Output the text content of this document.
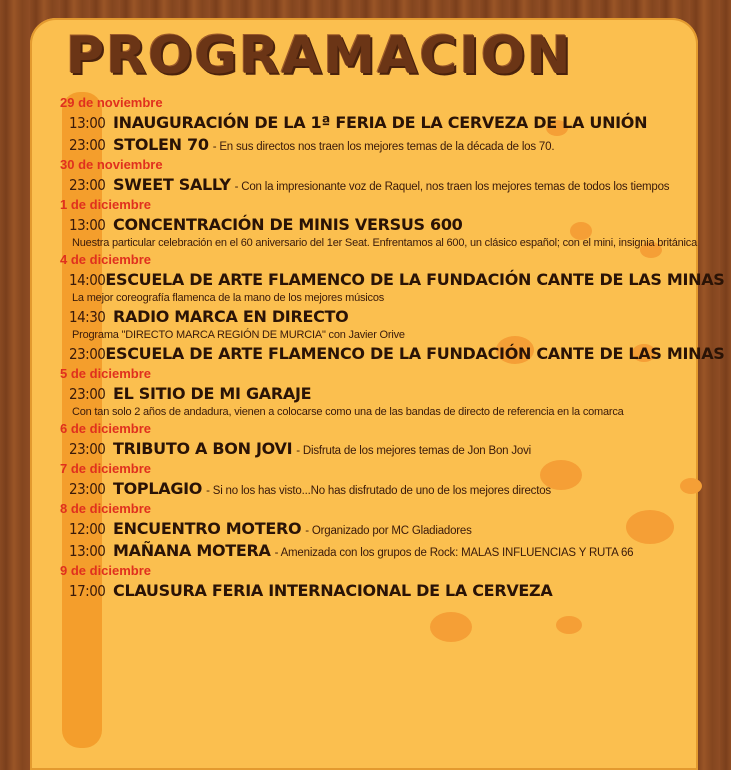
PROGRAMACION
29 de noviembre
13:00 INAUGURACIÓN DE LA 1ª FERIA DE LA CERVEZA DE LA UNIÓN
23:00 STOLEN 70 - En sus directos nos traen los mejores temas de la década de los 70.
30 de noviembre
23:00 SWEET SALLY - Con la impresionante voz de Raquel, nos traen los mejores temas de todos los tiempos
1 de diciembre
13:00 CONCENTRACIÓN DE MINIS VERSUS 600
Nuestra particular celebración en el 60 aniversario del 1er Seat. Enfrentamos al 600, un clásico español; con el mini, insignia británica
4 de diciembre
14:00 ESCUELA DE ARTE FLAMENCO DE LA FUNDACIÓN CANTE DE LAS MINAS
La mejor coreografía flamenca de la mano de los mejores músicos
14:30 RADIO MARCA EN DIRECTO
Programa "DIRECTO MARCA REGIÓN DE MURCIA" con Javier Orive
23:00 ESCUELA DE ARTE FLAMENCO DE LA FUNDACIÓN CANTE DE LAS MINAS
5 de diciembre
23:00 EL SITIO DE MI GARAJE
Con tan solo 2 años de andadura, vienen a colocarse como una de las bandas de directo de referencia en la comarca
6 de diciembre
23:00 TRIBUTO A BON JOVI - Disfruta de los mejores temas de Jon Bon Jovi
7 de diciembre
23:00 TOPLAGIO - Si no los has visto...No has disfrutado de uno de los mejores directos
8 de diciembre
12:00 ENCUENTRO MOTERO - Organizado por MC Gladiadores
13:00 MAÑANA MOTERA - Amenizada con los grupos de Rock: MALAS INFLUENCIAS Y RUTA 66
9 de diciembre
17:00 CLAUSURA FERIA INTERNACIONAL DE LA CERVEZA
